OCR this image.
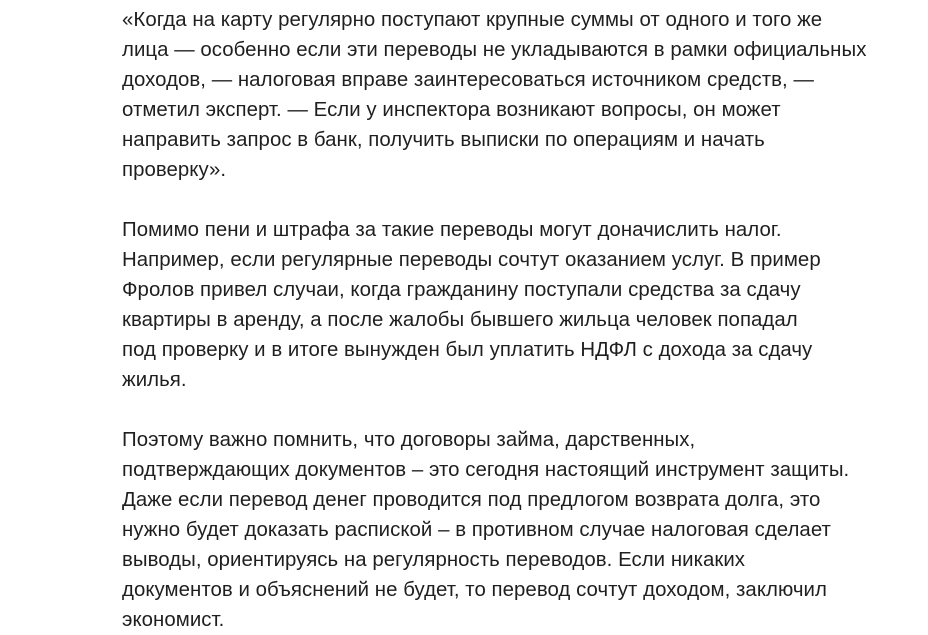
«Когда на карту регулярно поступают крупные суммы от одного и того же
лица — особенно если эти переводы не укладываются в рамки официальных
доходов, — налоговая вправе заинтересоваться источником средств, —
отметил эксперт. — Если у инспектора возникают вопросы, он может
направить запрос в банк, получить выписки по операциям и начать
проверку».

Помимо пени и штрафа за такие переводы могут доначислить налог.
Например, если регулярные переводы сочтут оказанием услуг. В пример
Фролов привел случаи, когда гражданину поступали средства за сдачу
квартиры в аренду, а после жалобы бывшего жильца человек попадал
под проверку и в итоге вынужден был уплатить НДФЛ с дохода за сдачу
жилья.

Поэтому важно помнить, что договоры займа, дарственных,
подтверждающих документов – это сегодня настоящий инструмент защиты.
Даже если перевод денег проводится под предлогом возврата долга, это
нужно будет доказать распиской – в противном случае налоговая сделает
выводы, ориентируясь на регулярность переводов. Если никаких
документов и объяснений не будет, то перевод сочтут доходом, заключил
экономист.
